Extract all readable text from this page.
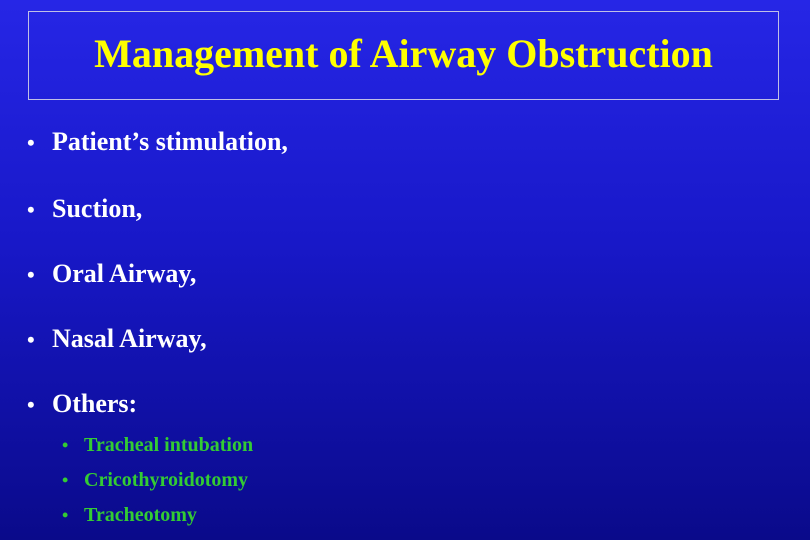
Management of Airway Obstruction
• Patient’s stimulation,
• Suction,
• Oral Airway,
• Nasal Airway,
• Others:
• Tracheal intubation
• Cricothyroidotomy
• Tracheotomy
